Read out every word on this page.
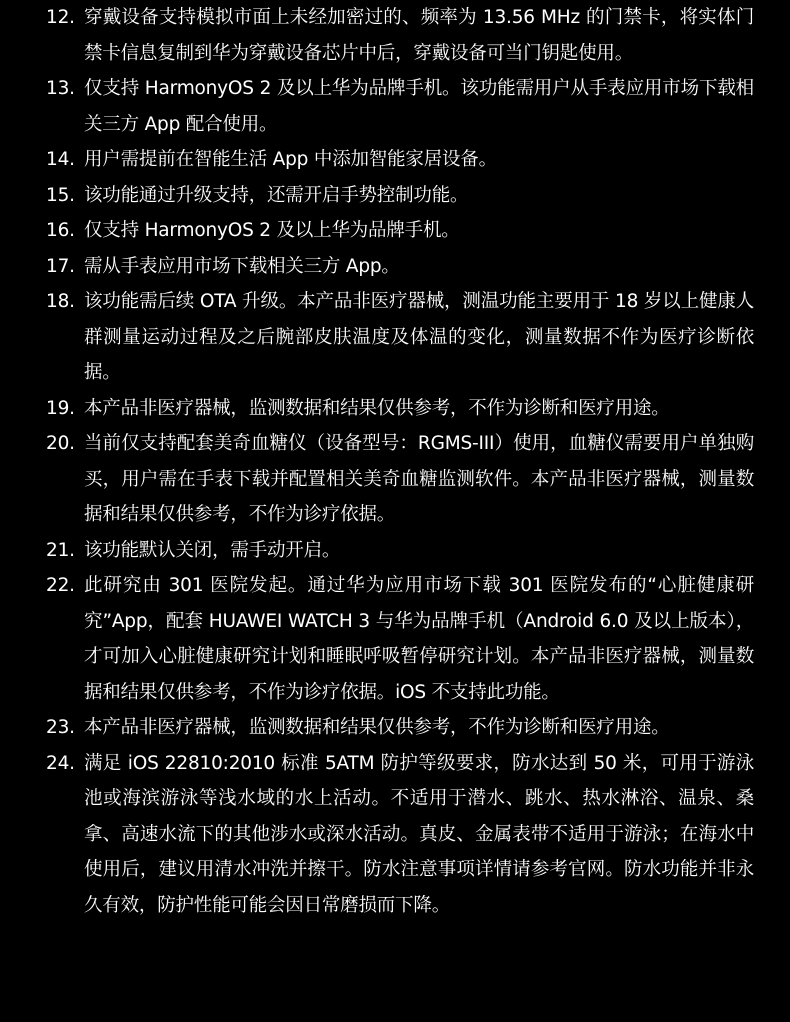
12. 穿戴设备支持模拟市面上未经加密过的、频率为 13.56 MHz 的门禁卡，将实体门禁卡信息复制到华为穿戴设备芯片中后，穿戴设备可当门钥匙使用。
13. 仅支持 HarmonyOS 2 及以上华为品牌手机。该功能需用户从手表应用市场下载相关三方 App 配合使用。
14. 用户需提前在智能生活 App 中添加智能家居设备。
15. 该功能通过升级支持，还需开启手势控制功能。
16. 仅支持 HarmonyOS 2 及以上华为品牌手机。
17. 需从手表应用市场下载相关三方 App。
18. 该功能需后续 OTA 升级。本产品非医疗器械，测温功能主要用于 18 岁以上健康人群测量运动过程及之后腕部皮肤温度及体温的变化，测量数据不作为医疗诊断依据。
19. 本产品非医疗器械，监测数据和结果仅供参考，不作为诊断和医疗用途。
20. 当前仅支持配套美奇血糖仪（设备型号：RGMS-III）使用，血糖仪需要用户单独购买，用户需在手表下载并配置相关美奇血糖监测软件。本产品非医疗器械，测量数据和结果仅供参考，不作为诊疗依据。
21. 该功能默认关闭，需手动开启。
22. 此研究由 301 医院发起。通过华为应用市场下载 301 医院发布的“心脏健康研究”App，配套 HUAWEI WATCH 3 与华为品牌手机（Android 6.0 及以上版本），才可加入心脏健康研究计划和睡眠呼吸暂停研究计划。本产品非医疗器械，测量数据和结果仅供参考，不作为诊疗依据。iOS 不支持此功能。
23. 本产品非医疗器械，监测数据和结果仅供参考，不作为诊断和医疗用途。
24. 满足 iOS 22810:2010 标准 5ATM 防护等级要求，防水达到 50 米，可用于游泳池或海滨游泳等浅水域的水上活动。不适用于潜水、跳水、热水淋浴、温泉、桑拿、高速水流下的其他涉水或深水活动。真皮、金属表带不适用于游泳；在海水中使用后，建议用清水冲洗并擦干。防水注意事项详情请参考官网。防水功能并非永久有效，防护性能可能会因日常磨损而下降。
